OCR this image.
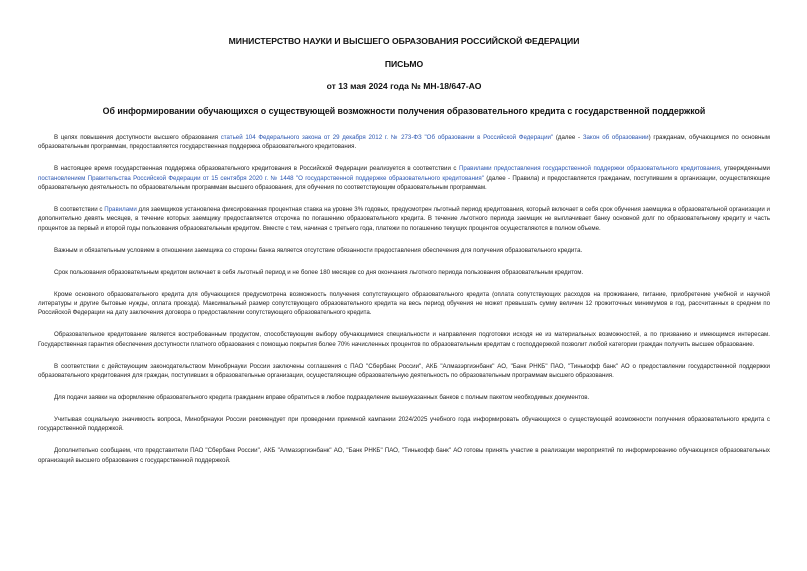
МИНИСТЕРСТВО НАУКИ И ВЫСШЕГО ОБРАЗОВАНИЯ РОССИЙСКОЙ ФЕДЕРАЦИИ
ПИСЬМО
от 13 мая 2024 года № МН-18/647-АО
Об информировании обучающихся о существующей возможности получения образовательного кредита с государственной поддержкой

В целях повышения доступности высшего образования статьей 104 Федерального закона от 29 декабря 2012 г. № 273-ФЗ "Об образовании в Российской Федерации" (далее - Закон об образовании) гражданам, обучающимся по основным образовательным программам, предоставляется государственная поддержка образовательного кредитования.

В настоящее время государственная поддержка образовательного кредитования в Российской Федерации реализуется в соответствии с Правилами предоставления государственной поддержки образовательного кредитования, утвержденными постановлением Правительства Российской Федерации от 15 сентября 2020 г. № 1448 "О государственной поддержке образовательного кредитования" (далее - Правила) и предоставляется гражданам, поступившим в организации, осуществляющие образовательную деятельность по образовательным программам высшего образования, для обучения по соответствующим образовательным программам.

В соответствии с Правилами для заемщиков установлена фиксированная процентная ставка на уровне 3% годовых, предусмотрен льготный период кредитования, который включает в себя срок обучения заемщика в образовательной организации и дополнительно девять месяцев, в течение которых заемщику предоставляется отсрочка по погашению образовательного кредита. В течение льготного периода заемщик не выплачивает банку основной долг по образовательному кредиту и часть процентов за первый и второй годы пользования образовательным кредитом. Вместе с тем, начиная с третьего года, платежи по погашению текущих процентов осуществляются в полном объеме.

Важным и обязательным условием в отношении заемщика со стороны банка является отсутствие обязанности предоставления обеспечения для получения образовательного кредита.

Срок пользования образовательным кредитом включает в себя льготный период и не более 180 месяцев со дня окончания льготного периода пользования образовательным кредитом.

Кроме основного образовательного кредита для обучающихся предусмотрена возможность получения сопутствующего образовательного кредита (оплата сопутствующих расходов на проживание, питание, приобретение учебной и научной литературы и другие бытовые нужды, оплата проезда). Максимальный размер сопутствующего образовательного кредита на весь период обучения не может превышать сумму величин 12 прожиточных минимумов в год, рассчитанных в среднем по Российской Федерации на дату заключения договора о предоставлении сопутствующего образовательного кредита.

Образовательное кредитование является востребованным продуктом, способствующим выбору обучающимися специальности и направления подготовки исходя не из материальных возможностей, а по призванию и имеющимся интересам. Государственная гарантия обеспечения доступности платного образования с помощью покрытия более 70% начисленных процентов по образовательным кредитам с господдержкой позволит любой категории граждан получить высшее образование.

В соответствии с действующим законодательством Минобрнауки России заключены соглашения с ПАО "Сбербанк России", АКБ "Алмазэргиэнбанк" АО, "Банк РНКБ" ПАО, "Тинькофф банк" АО о предоставлении государственной поддержки образовательного кредитования для граждан, поступивших в образовательные организации, осуществляющие образовательную деятельность по образовательным программам высшего образования.

Для подачи заявки на оформление образовательного кредита гражданин вправе обратиться в любое подразделение вышеуказанных банков с полным пакетом необходимых документов.

Учитывая социальную значимость вопроса, Минобрнауки России рекомендует при проведении приемной кампании 2024/2025 учебного года информировать обучающихся о существующей возможности получения образовательного кредита с государственной поддержкой.

Дополнительно сообщаем, что представители ПАО "Сбербанк России", АКБ "Алмазэргиэнбанк" АО, "Банк РНКБ" ПАО, "Тинькофф банк" АО готовы принять участие в реализации мероприятий по информированию обучающихся образовательных организаций высшего образования с государственной поддержкой.
